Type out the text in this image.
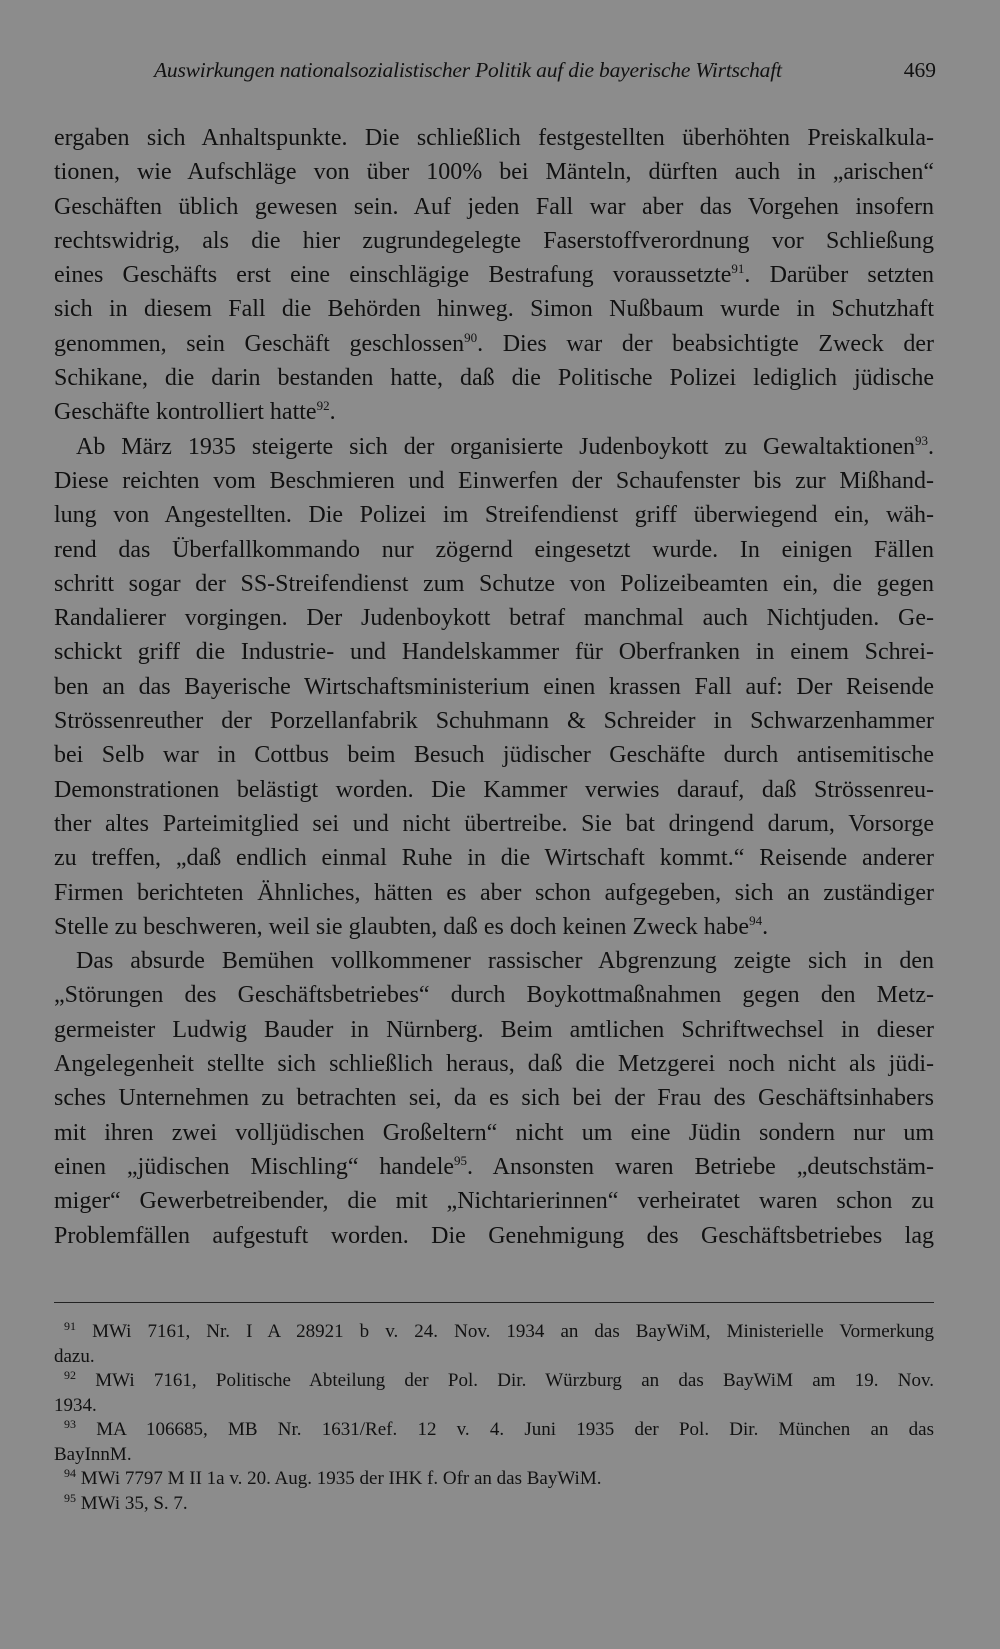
Auswirkungen nationalsozialistischer Politik auf die bayerische Wirtschaft	469
ergaben sich Anhaltspunkte. Die schließlich festgestellten überhöhten Preiskalkula-
tionen, wie Aufschläge von über 100% bei Mänteln, dürften auch in „arischen“
Geschäften üblich gewesen sein. Auf jeden Fall war aber das Vorgehen insofern
rechtswidrig, als die hier zugrundegelegte Faserstoffverordnung vor Schließung
eines Geschäfts erst eine einschlägige Bestrafung voraussetzte$^{91}$. Darüber setzten
sich in diesem Fall die Behörden hinweg. Simon Nußbaum wurde in Schutzhaft
genommen, sein Geschäft geschlossen$^{90}$. Dies war der beabsichtigte Zweck der
Schikane, die darin bestanden hatte, daß die Politische Polizei lediglich jüdische
Geschäfte kontrolliert hatte$^{92}$.
Ab März 1935 steigerte sich der organisierte Judenboykott zu Gewaltaktionen$^{93}$.
Diese reichten vom Beschmieren und Einwerfen der Schaufenster bis zur Mißhand-
lung von Angestellten. Die Polizei im Streifendienst griff überwiegend ein, wäh-
rend das Überfallkommando nur zögernd eingesetzt wurde. In einigen Fällen
schritt sogar der SS-Streifendienst zum Schutze von Polizeibeamten ein, die gegen
Randalierer vorgingen. Der Judenboykott betraf manchmal auch Nichtjuden. Ge-
schickt griff die Industrie- und Handelskammer für Oberfranken in einem Schrei-
ben an das Bayerische Wirtschaftsministerium einen krassen Fall auf: Der Reisende
Strössenreuther der Porzellanfabrik Schuhmann & Schreider in Schwarzenhammer
bei Selb war in Cottbus beim Besuch jüdischer Geschäfte durch antisemitische
Demonstrationen belästigt worden. Die Kammer verwies darauf, daß Strössenreu-
ther altes Parteimitglied sei und nicht übertreibe. Sie bat dringend darum, Vorsorge
zu treffen, „daß endlich einmal Ruhe in die Wirtschaft kommt.“ Reisende anderer
Firmen berichteten Ähnliches, hätten es aber schon aufgegeben, sich an zuständiger
Stelle zu beschweren, weil sie glaubten, daß es doch keinen Zweck habe$^{94}$.
Das absurde Bemühen vollkommener rassischer Abgrenzung zeigte sich in den
„Störungen des Geschäftsbetriebes“ durch Boykottmaßnahmen gegen den Metz-
germeister Ludwig Bauder in Nürnberg. Beim amtlichen Schriftwechsel in dieser
Angelegenheit stellte sich schließlich heraus, daß die Metzgerei noch nicht als jüdi-
sches Unternehmen zu betrachten sei, da es sich bei der Frau des Geschäftsinhabers
mit ihren zwei volljüdischen Großeltern“ nicht um eine Jüdin sondern nur um
einen „jüdischen Mischling“ handele$^{95}$. Ansonsten waren Betriebe „deutschstäm-
miger“ Gewerbetreibender, die mit „Nichtarierinnen“ verheiratet waren schon zu
Problemfällen aufgestuft worden. Die Genehmigung des Geschäftsbetriebes lag
$^{91}$ MWi 7161, Nr. I A 28921 b v. 24. Nov. 1934 an das BayWiM, Ministerielle Vormerkung
dazu.
$^{92}$ MWi 7161, Politische Abteilung der Pol. Dir. Würzburg an das BayWiM am 19. Nov.
1934.
$^{93}$ MA 106685, MB Nr. 1631/Ref. 12 v. 4. Juni 1935 der Pol. Dir. München an das
BayInnM.
$^{94}$ MWi 7797 M II 1a v. 20. Aug. 1935 der IHK f. Ofr an das BayWiM.
$^{95}$ MWi 35, S. 7.
